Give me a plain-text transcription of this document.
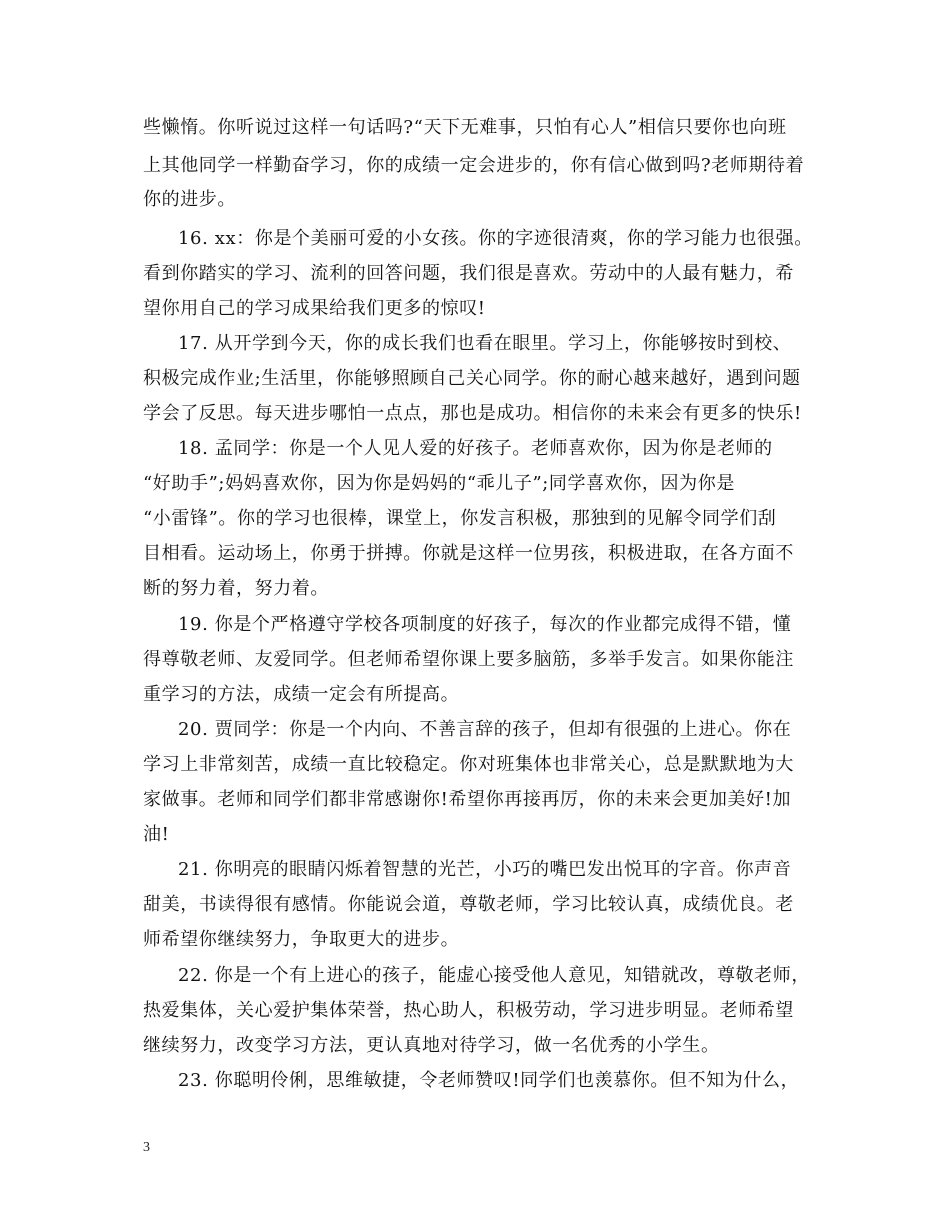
些懒惰。你听说过这样一句话吗?“天下无难事，只怕有心人”相信只要你也向班
上其他同学一样勤奋学习，你的成绩一定会进步的，你有信心做到吗?老师期待着
你的进步。
16. xx：你是个美丽可爱的小女孩。你的字迹很清爽，你的学习能力也很强。
看到你踏实的学习、流利的回答问题，我们很是喜欢。劳动中的人最有魅力，希
望你用自己的学习成果给我们更多的惊叹!
17. 从开学到今天，你的成长我们也看在眼里。学习上，你能够按时到校、
积极完成作业;生活里，你能够照顾自己关心同学。你的耐心越来越好，遇到问题
学会了反思。每天进步哪怕一点点，那也是成功。相信你的未来会有更多的快乐!
18. 孟同学：你是一个人见人爱的好孩子。老师喜欢你，因为你是老师的
“好助手”;妈妈喜欢你，因为你是妈妈的“乖儿子”;同学喜欢你，因为你是
“小雷锋”。你的学习也很棒，课堂上，你发言积极，那独到的见解令同学们刮
目相看。运动场上，你勇于拼搏。你就是这样一位男孩，积极进取，在各方面不
断的努力着，努力着。
19. 你是个严格遵守学校各项制度的好孩子，每次的作业都完成得不错，懂
得尊敬老师、友爱同学。但老师希望你课上要多脑筋，多举手发言。如果你能注
重学习的方法，成绩一定会有所提高。
20. 贾同学：你是一个内向、不善言辞的孩子，但却有很强的上进心。你在
学习上非常刻苦，成绩一直比较稳定。你对班集体也非常关心，总是默默地为大
家做事。老师和同学们都非常感谢你!希望你再接再厉，你的未来会更加美好!加
油!
21. 你明亮的眼睛闪烁着智慧的光芒，小巧的嘴巴发出悦耳的字音。你声音
甜美，书读得很有感情。你能说会道，尊敬老师，学习比较认真，成绩优良。老
师希望你继续努力，争取更大的进步。
22. 你是一个有上进心的孩子，能虚心接受他人意见，知错就改，尊敬老师，
热爱集体，关心爱护集体荣誉，热心助人，积极劳动，学习进步明显。老师希望
继续努力，改变学习方法，更认真地对待学习，做一名优秀的小学生。
23. 你聪明伶俐，思维敏捷，令老师赞叹!同学们也羡慕你。但不知为什么，
3
